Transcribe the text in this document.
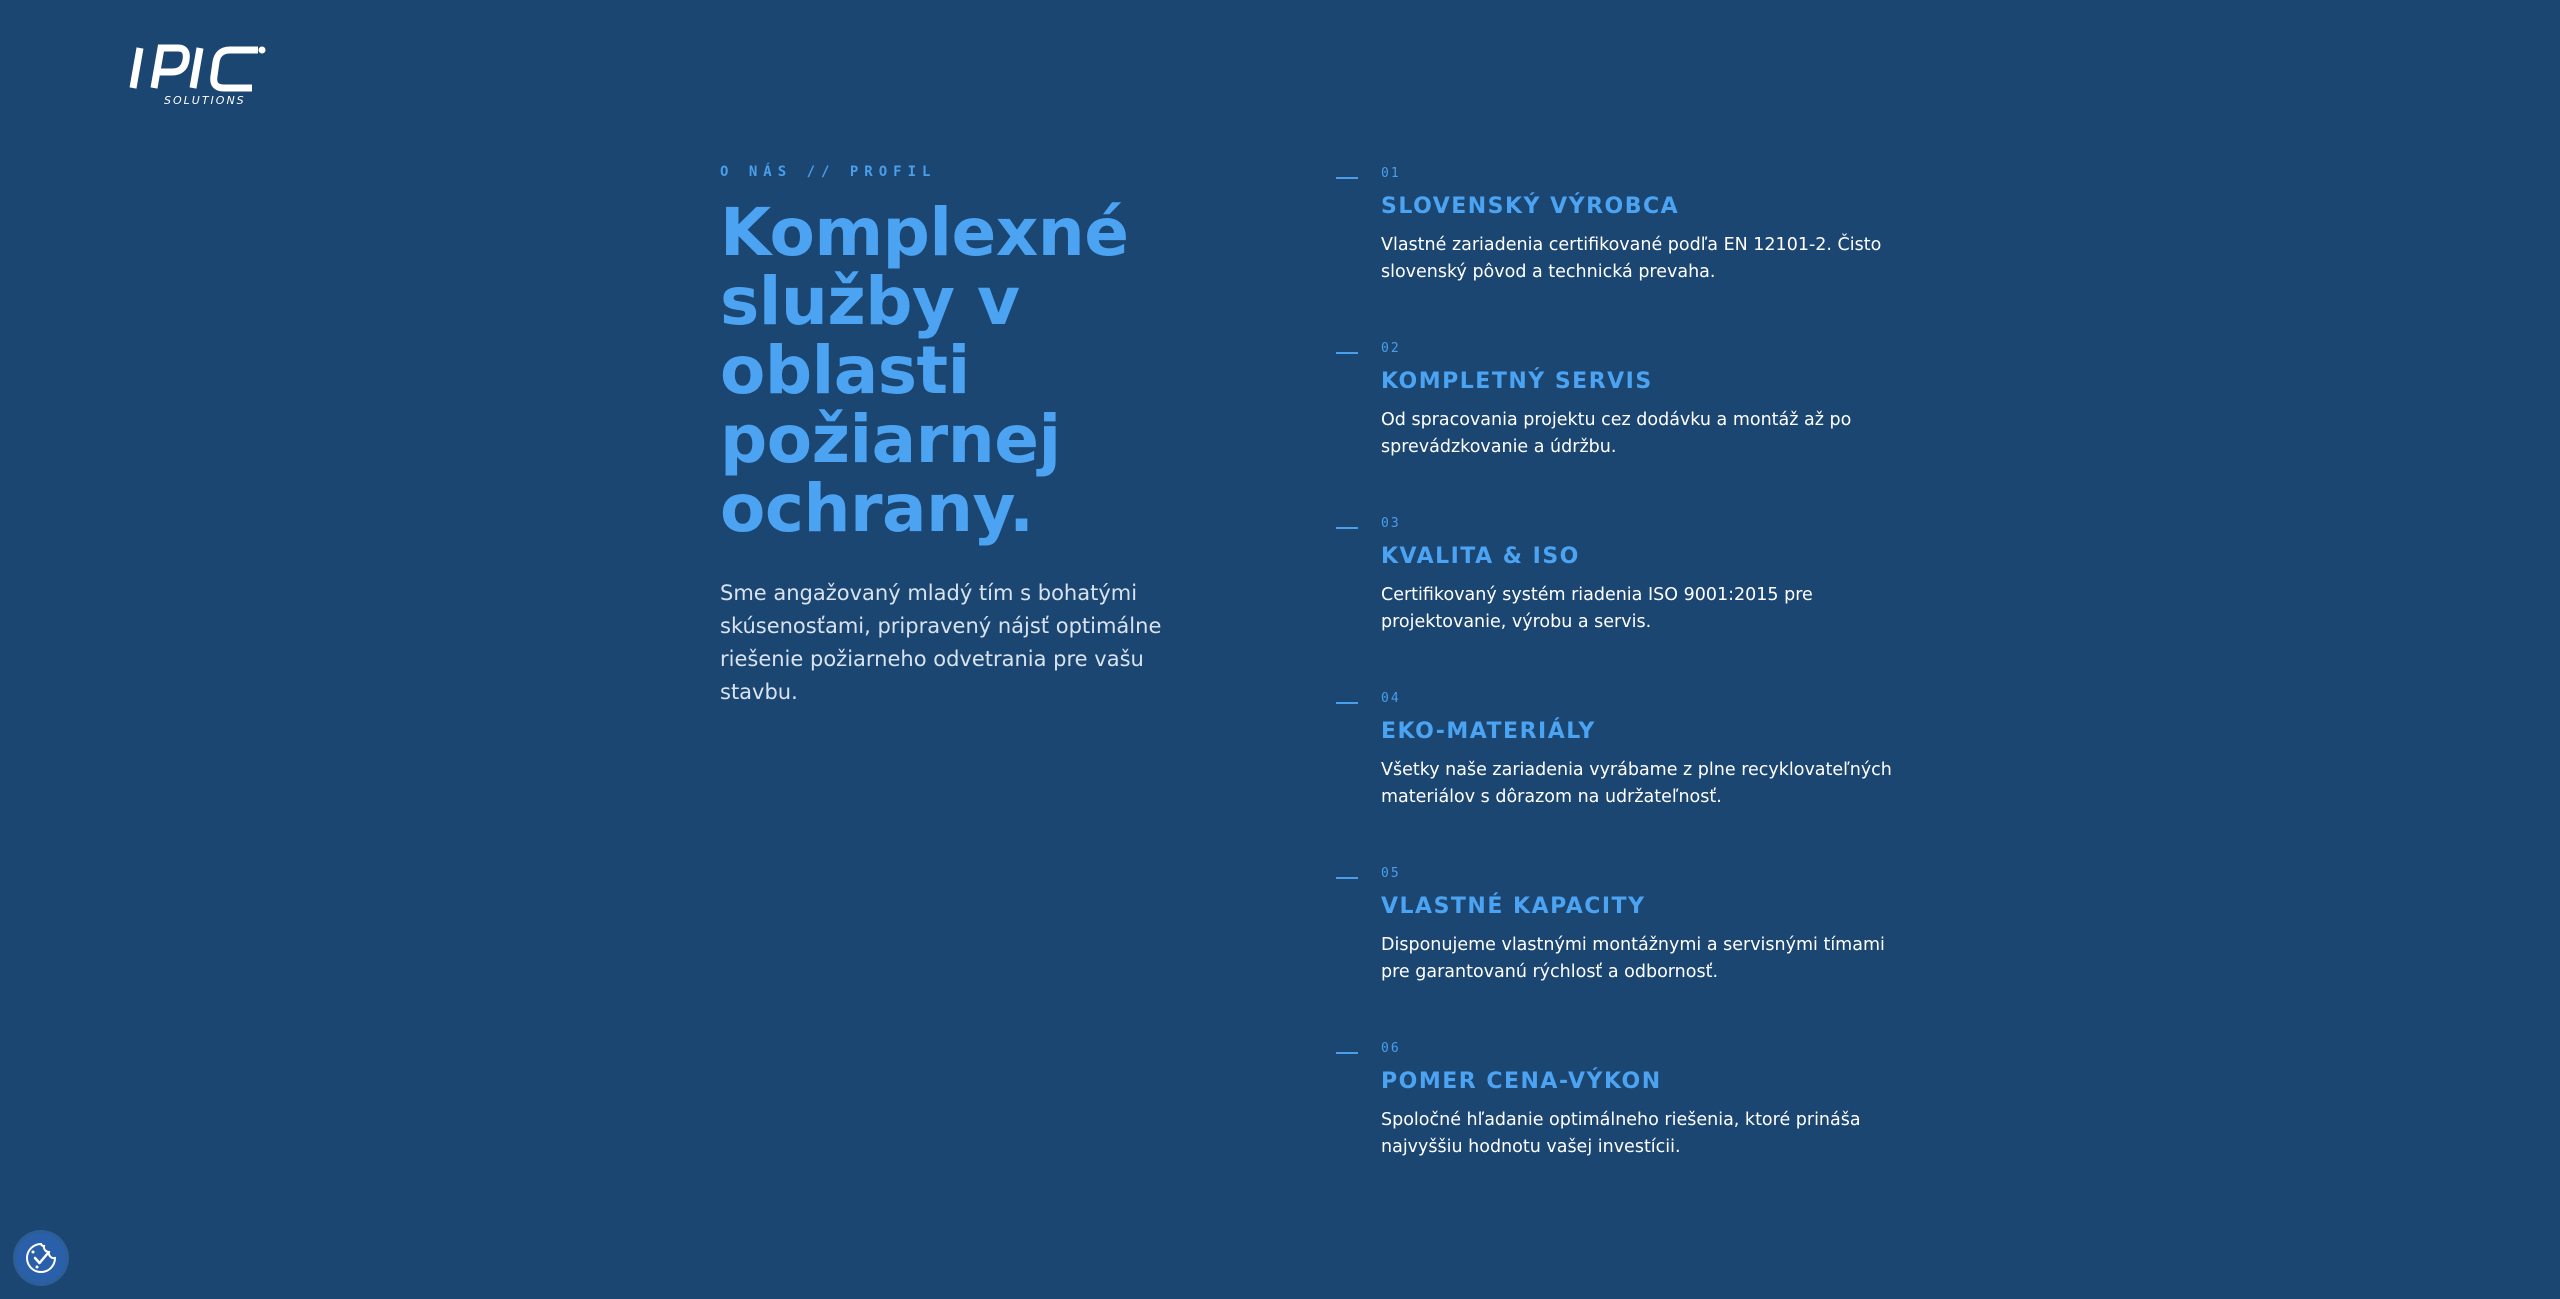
SOLUTIONS

O NÁS // PROFIL

Komplexné
služby v
oblasti
požiarnej
ochrany.
Sme angažovaný mladý tím s bohatými skúsenosťami, pripravený nájsť optimálne riešenie požiarneho odvetrania pre vašu stavbu.
01
SLOVENSKÝ VÝROBCA
Vlastné zariadenia certifikované podľa EN 12101-2. Čisto slovenský pôvod a technická prevaha.
02
KOMPLETNÝ SERVIS
Od spracovania projektu cez dodávku a montáž až po sprevádzkovanie a údržbu.
03
KVALITA & ISO
Certifikovaný systém riadenia ISO 9001:2015 pre projektovanie, výrobu a servis.
04
EKO-MATERIÁLY
Všetky naše zariadenia vyrábame z plne recyklovateľných materiálov s dôrazom na udržateľnosť.
05
VLASTNÉ KAPACITY
Disponujeme vlastnými montážnymi a servisnými tímami pre garantovanú rýchlosť a odbornosť.
06
POMER CENA-VÝKON
Spoločné hľadanie optimálneho riešenia, ktoré prináša najvyššiu hodnotu vašej investícii.
